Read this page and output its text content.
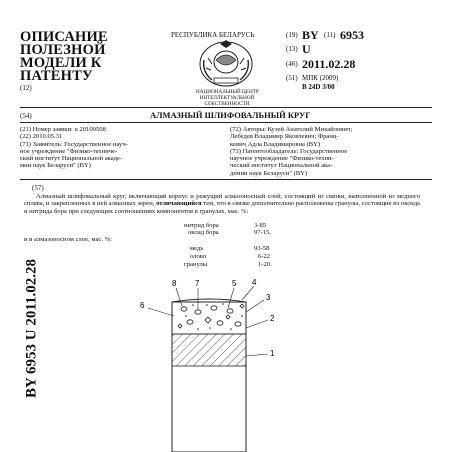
ОПИСАНИЕ
ПОЛЕЗНОЙ
МОДЕЛИ К
ПАТЕНТУ
(12)
РЕСПУБЛИКА БЕЛАРУСЬ
НАЦИОНАЛЬНЫЙ ЦЕНТР
ИНТЕЛЛЕКТУАЛЬНОЙ
СОБСТВЕННОСТИ
(19) BY (11) 6953
(13) U
(46) 2011.02.28
(51) МПК (2009)
B 24D 3/00
(54)	АЛМАЗНЫЙ ШЛИФОВАЛЬНЫЙ КРУГ
(21) Номер заявки: u 20100508
(22) 2010.05.31
(71) Заявитель: Государственное науч-
ное учреждение "Физико-техниче-
ский институт Национальной акаде-
мии наук Беларуси" (BY)
(72) Авторы: Кузей Анатолий Михайлович;
Лебедев Владимир Яковлевич; Франц-
кевич Адла Владимировна (BY)
(73) Патентообладатель: Государственное
научное учреждение "Физико-техни-
ческий институт Национальной ака-
демии наук Беларуси" (BY)
(57)
Алмазный шлифовальный круг, включающий корпус и режущий алмазоносный слой, состоящий из связки, выполненной из медного сплава, и закрепленных в ней алмазных зерен, отличающийся тем, что в связке дополнительно расположены гранулы, состоящие из оксида и нитрида бора при следующих соотношениях компонентов в гранулах, мас. %:
нитрид бора	3-85
оксид бора	97-15,
и в алмазоносном слое, мас. %:
медь	93-58
олово	6-22
гранулы	1-20.
8 7	5 4
6
3
2
1
BY 6953 U 2011.02.28
